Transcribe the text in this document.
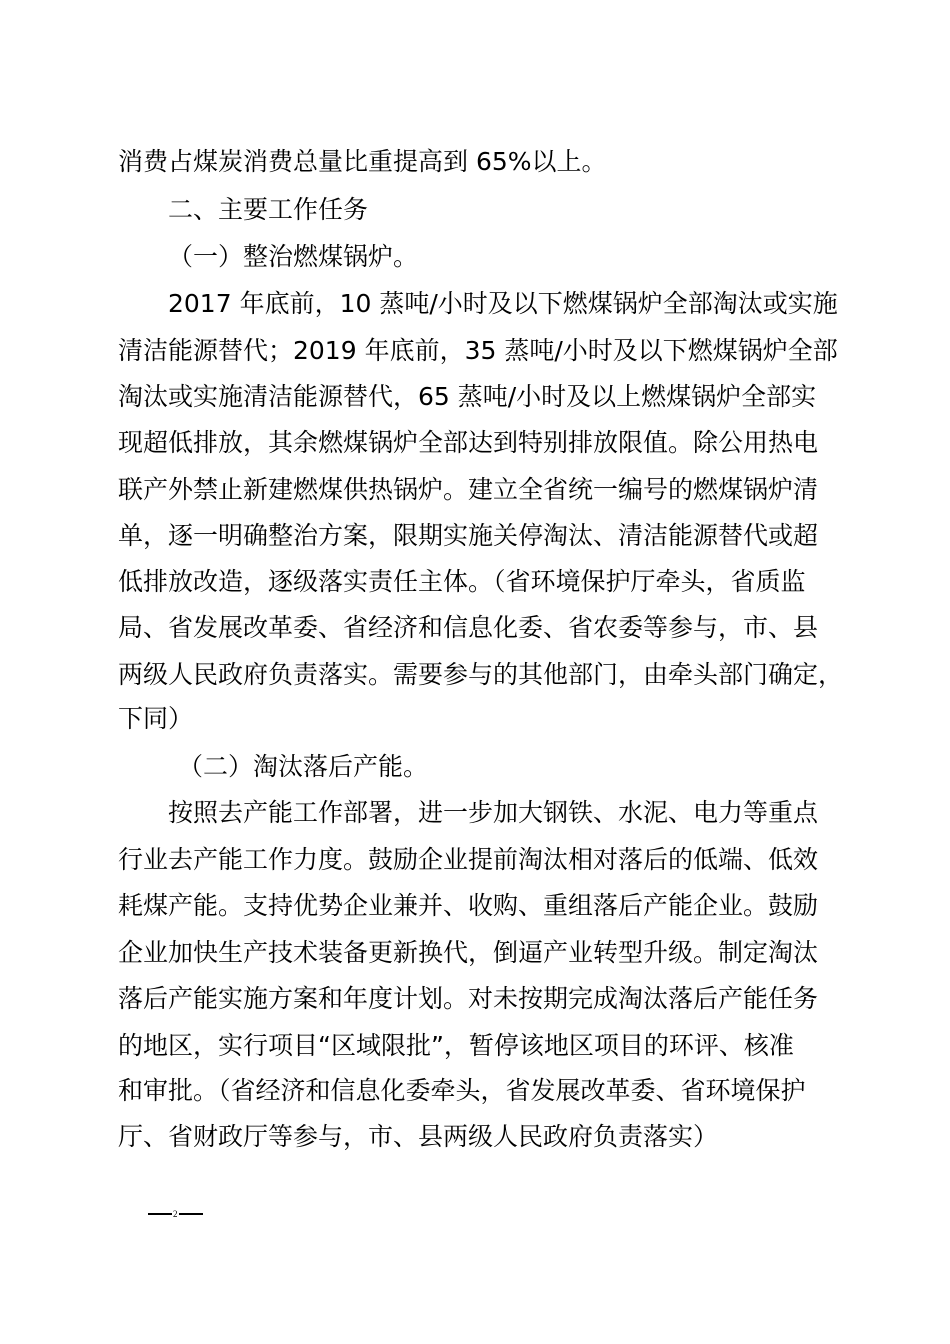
消费占煤炭消费总量比重提高到 65%以上。
二、主要工作任务
（一）整治燃煤锅炉。
2017 年底前，10 蒸吨/小时及以下燃煤锅炉全部淘汰或实施
清洁能源替代；2019 年底前，35 蒸吨/小时及以下燃煤锅炉全部
淘汰或实施清洁能源替代，65 蒸吨/小时及以上燃煤锅炉全部实
现超低排放，其余燃煤锅炉全部达到特别排放限值。除公用热电
联产外禁止新建燃煤供热锅炉。建立全省统一编号的燃煤锅炉清
单，逐一明确整治方案，限期实施关停淘汰、清洁能源替代或超
低排放改造，逐级落实责任主体。（省环境保护厅牵头，省质监
局、省发展改革委、省经济和信息化委、省农委等参与，市、县
两级人民政府负责落实。需要参与的其他部门，由牵头部门确定，
下同）
（二）淘汰落后产能。
按照去产能工作部署，进一步加大钢铁、水泥、电力等重点
行业去产能工作力度。鼓励企业提前淘汰相对落后的低端、低效
耗煤产能。支持优势企业兼并、收购、重组落后产能企业。鼓励
企业加快生产技术装备更新换代，倒逼产业转型升级。制定淘汰
落后产能实施方案和年度计划。对未按期完成淘汰落后产能任务
的地区，实行项目“区域限批”，暂停该地区项目的环评、核准
和审批。（省经济和信息化委牵头，省发展改革委、省环境保护
厅、省财政厅等参与，市、县两级人民政府负责落实）
2
